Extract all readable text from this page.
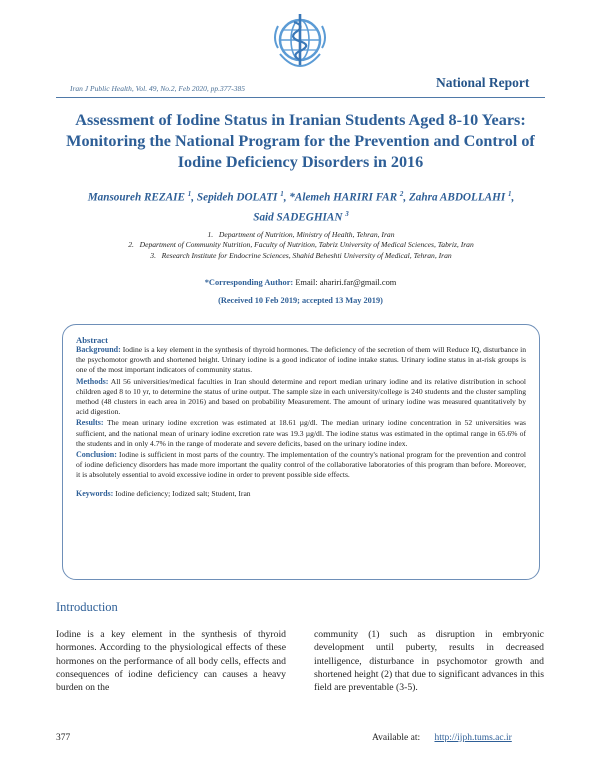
Iran J Public Health, Vol. 49, No.2, Feb 2020, pp.377-385	National Report
Assessment of Iodine Status in Iranian Students Aged 8-10 Years: Monitoring the National Program for the Prevention and Control of Iodine Deficiency Disorders in 2016
Mansoureh REZAIE $^1$, Sepideh DOLATI $^1$, *Alemeh HARIRI FAR $^2$, Zahra ABDOLLAHI $^1$, Said SADEGHIAN $^3$
1.   Department of Nutrition, Ministry of Health, Tehran, Iran
2.   Department of Community Nutrition, Faculty of Nutrition, Tabriz University of Medical Sciences, Tabriz, Iran
3.   Research Institute for Endocrine Sciences, Shahid Beheshti University of Medical, Tehran, Iran
*Corresponding Author: Email: ahariri.far@gmail.com
(Received 10 Feb 2019; accepted 13 May 2019)
Abstract

Background: Iodine is a key element in the synthesis of thyroid hormones. The deficiency of the secretion of them will Reduce IQ, disturbance in the psychomotor growth and shortened height. Urinary iodine is a good indicator of iodine intake status. Urinary iodine status in at-risk groups is one of the most important indicators of community status.

Methods: All 56 universities/medical faculties in Iran should determine and report median urinary iodine and its relative distribution in school children aged 8 to 10 yr, to determine the status of urine output. The sample size in each university/college is 240 students and the cluster sampling method (48 clusters in each area in 2016) and based on probability Measurement. The amount of urinary iodine was measured quantitatively by acid digestion.

Results: The mean urinary iodine excretion was estimated at 18.61 µg/dl. The median urinary iodine concentration in 52 universities was sufficient, and the national mean of urinary iodine excretion rate was 19.3 µg/dl. The iodine status was estimated in the optimal range in 65.6% of the students and in only 4.7% in the range of moderate and severe deficits, based on the urinary iodine index.

Conclusion: Iodine is sufficient in most parts of the country. The implementation of the country's national program for the prevention and control of iodine deficiency disorders has made more important the quality control of the collaborative laboratories of this program than before. Moreover, it is absolutely essential to avoid excessive iodine in order to prevent possible side effects.

Keywords: Iodine deficiency; Iodized salt; Student, Iran
Introduction
Iodine is a key element in the synthesis of thyroid hormones. According to the physiological effects of these hormones on the performance of all body cells, effects and consequences of iodine deficiency can causes a heavy burden on the
community (1) such as disruption in embryonic development until puberty, results in decreased intelligence, disturbance in psychomotor growth and shortened height (2) that due to significant advances in this field are preventable (3-5).
377	Available at: http://ijph.tums.ac.ir
